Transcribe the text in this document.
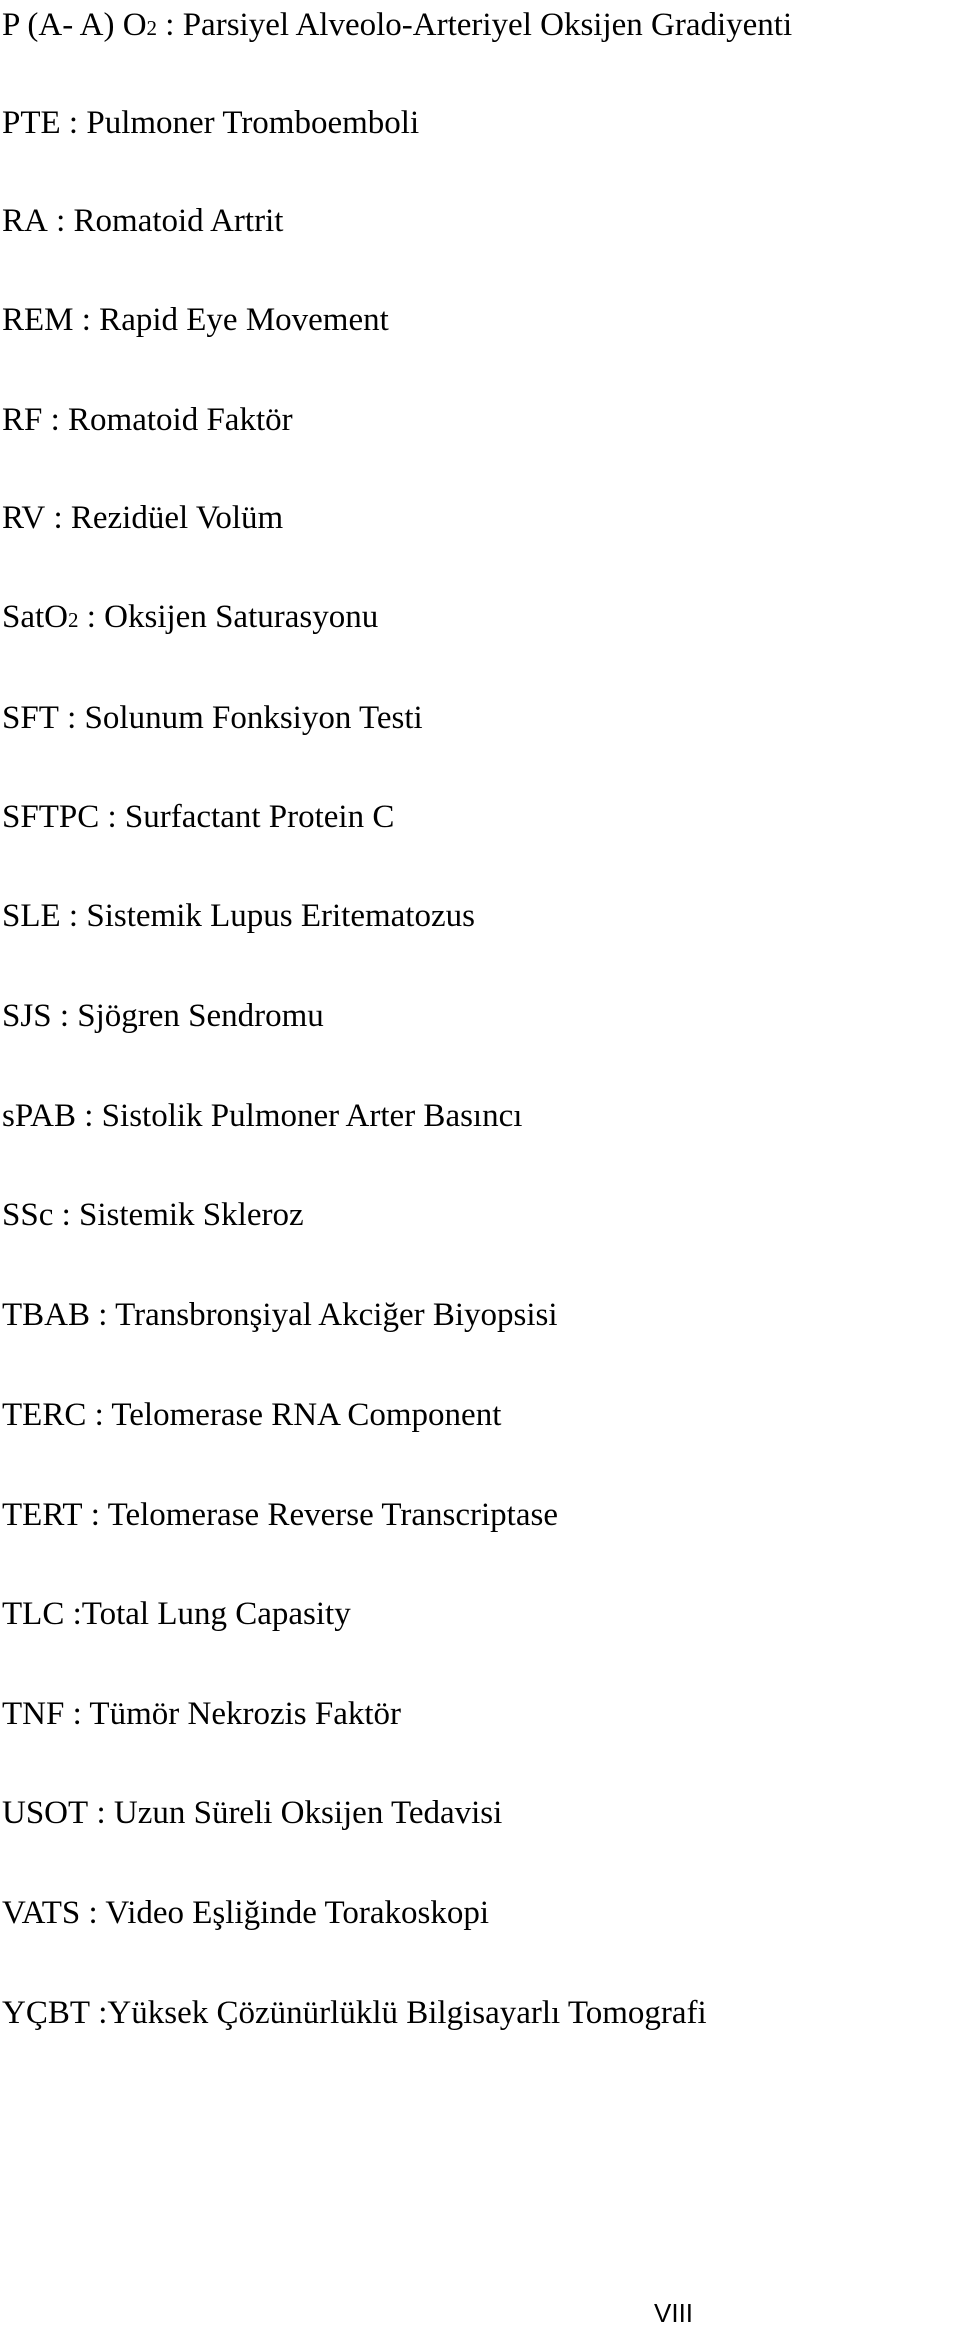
P (A- A) O2 : Parsiyel Alveolo-Arteriyel Oksijen Gradiyenti
PTE : Pulmoner Tromboemboli
RA : Romatoid Artrit
REM : Rapid Eye Movement
RF : Romatoid Faktör
RV : Rezidüel Volüm
SatO2 : Oksijen Saturasyonu
SFT : Solunum Fonksiyon Testi
SFTPC : Surfactant Protein C
SLE : Sistemik Lupus Eritematozus
SJS : Sjögren Sendromu
sPAB : Sistolik Pulmoner Arter Basıncı
SSc : Sistemik Skleroz
TBAB : Transbronşiyal Akciğer Biyopsisi
TERC : Telomerase RNA Component
TERT : Telomerase Reverse Transcriptase
TLC :Total Lung Capasity
TNF : Tümör Nekrozis Faktör
USOT : Uzun Süreli Oksijen Tedavisi
VATS : Video Eşliğinde Torakoskopi
YÇBT :Yüksek Çözünürlüklü Bilgisayarlı Tomografi
VIII
